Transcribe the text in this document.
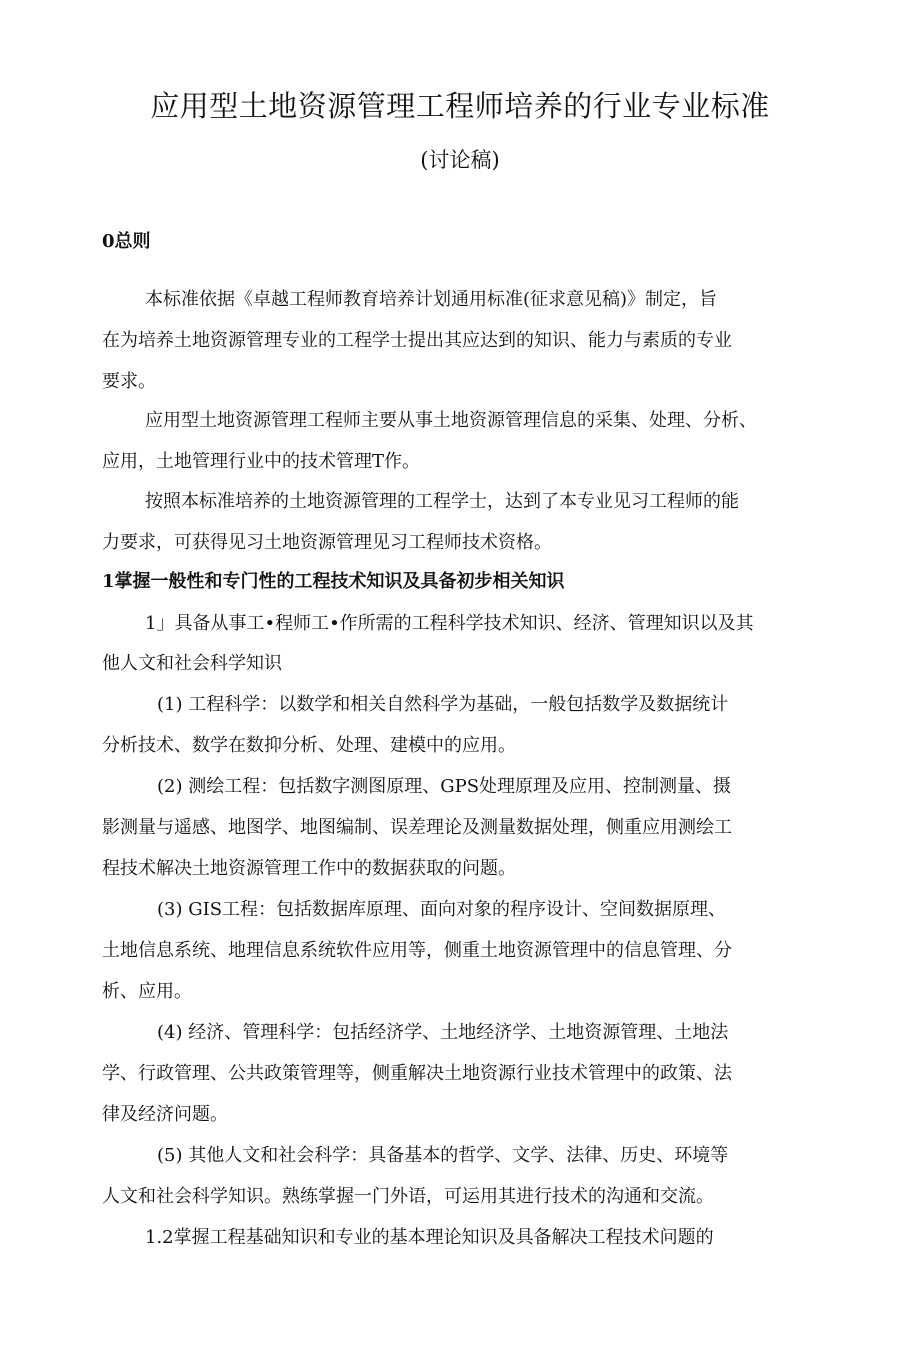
应用型土地资源管理工程师培养的行业专业标准
(讨论稿)
0总则
本标准依据《卓越工程师教育培养计划通用标准(征求意见稿)》制定，旨
在为培养土地资源管理专业的工程学士提出其应达到的知识、能力与素质的专业
要求。
应用型土地资源管理工程师主要从事土地资源管理信息的采集、处理、分析、
应用，土地管理行业中的技术管理T作。
按照本标准培养的土地资源管理的工程学士，达到了本专业见习工程师的能
力要求，可获得见习土地资源管理见习工程师技术资格。
1掌握一般性和专门性的工程技术知识及具备初步相关知识
1」具备从事工•程师工•作所需的工程科学技术知识、经济、管理知识以及其
他人文和社会科学知识
(1) 工程科学：以数学和相关自然科学为基础，一般包括数学及数据统计
分析技术、数学在数抑分析、处理、建模中的应用。
(2) 测绘工程：包括数字测图原理、GPS处理原理及应用、控制测量、摄
影测量与遥感、地图学、地图编制、误差理论及测量数据处理，侧重应用测绘工
程技术解决土地资源管理工作中的数据获取的问题。
(3) GIS工程：包括数据库原理、面向对象的程序设计、空间数据原理、
土地信息系统、地理信息系统软件应用等，侧重土地资源管理中的信息管理、分
析、应用。
(4) 经济、管理科学：包括经济学、土地经济学、土地资源管理、土地法
学、行政管理、公共政策管理等，侧重解决土地资源行业技术管理中的政策、法
律及经济问题。
(5) 其他人文和社会科学：具备基本的哲学、文学、法律、历史、环境等
人文和社会科学知识。熟练掌握一门外语，可运用其进行技术的沟通和交流。
1.2掌握工程基础知识和专业的基本理论知识及具备解决工程技术问题的
